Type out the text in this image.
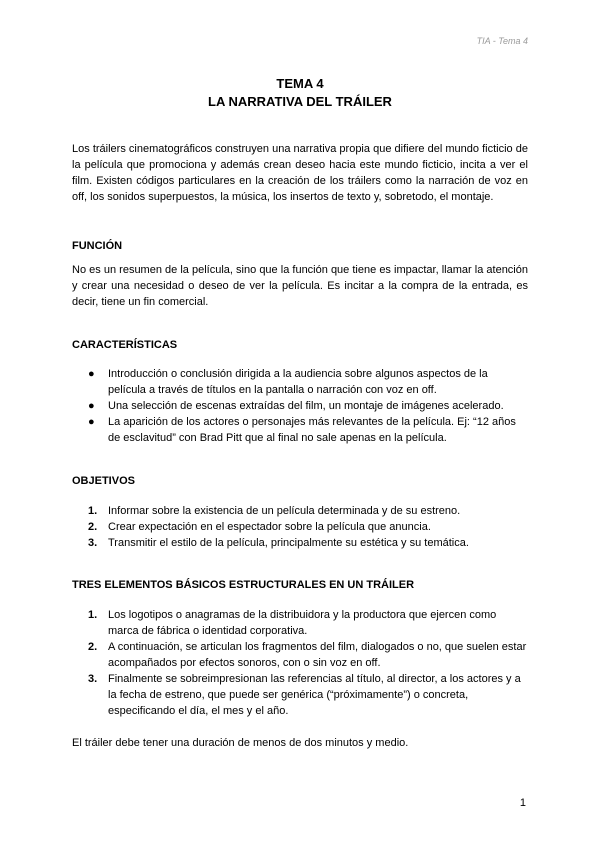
TIA - Tema 4
TEMA 4
LA NARRATIVA DEL TRÁILER

Los tráilers cinematográficos construyen una narrativa propia que difiere del mundo ficticio de la película que promociona y además crean deseo hacia este mundo ficticio, incita a ver el film. Existen códigos particulares en la creación de los tráilers como la narración de voz en off, los sonidos superpuestos, la música, los insertos de texto y, sobretodo, el montaje.

FUNCIÓN

No es un resumen de la película, sino que la función que tiene es impactar, llamar la atención y crear una necesidad o deseo de ver la película. Es incitar a la compra de la entrada, es decir, tiene un fin comercial.

CARACTERÍSTICAS

● Introducción o conclusión dirigida a la audiencia sobre algunos aspectos de la película a través de títulos en la pantalla o narración con voz en off.
● Una selección de escenas extraídas del film, un montaje de imágenes acelerado.
● La aparición de los actores o personajes más relevantes de la película. Ej: “12 años de esclavitud” con Brad Pitt que al final no sale apenas en la película.

OBJETIVOS

1. Informar sobre la existencia de un película determinada y de su estreno.
2. Crear expectación en el espectador sobre la película que anuncia.
3. Transmitir el estilo de la película, principalmente su estética y su temática.

TRES ELEMENTOS BÁSICOS ESTRUCTURALES EN UN TRÁILER

1. Los logotipos o anagramas de la distribuidora y la productora que ejercen como marca de fábrica o identidad corporativa.
2. A continuación, se articulan los fragmentos del film, dialogados o no, que suelen estar acompañados por efectos sonoros, con o sin voz en off.
3. Finalmente se sobreimpresionan las referencias al título, al director, a los actores y a la fecha de estreno, que puede ser genérica (“próximamente”) o concreta, especificando el día, el mes y el año.

El tráiler debe tener una duración de menos de dos minutos y medio.

1
